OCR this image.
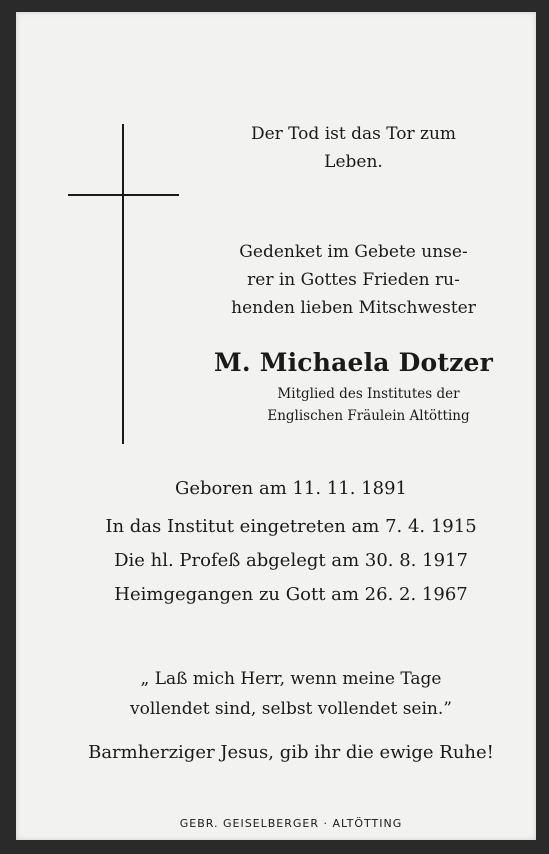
Der Tod ist das Tor zum
Leben.
Gedenket im Gebete unse-
rer in Gottes Frieden ru-
henden lieben Mitschwester
M. Michaela Dotzer
Mitglied des Institutes der
Englischen Fräulein Altötting
Geboren am 11. 11. 1891
In das Institut eingetreten am 7. 4. 1915
Die hl. Profeß abgelegt am 30. 8. 1917
Heimgegangen zu Gott am 26. 2. 1967
„ Laß mich Herr, wenn meine Tage
vollendet sind, selbst vollendet sein.”
Barmherziger Jesus, gib ihr die ewige Ruhe!
GEBR. GEISELBERGER · ALTÖTTING
